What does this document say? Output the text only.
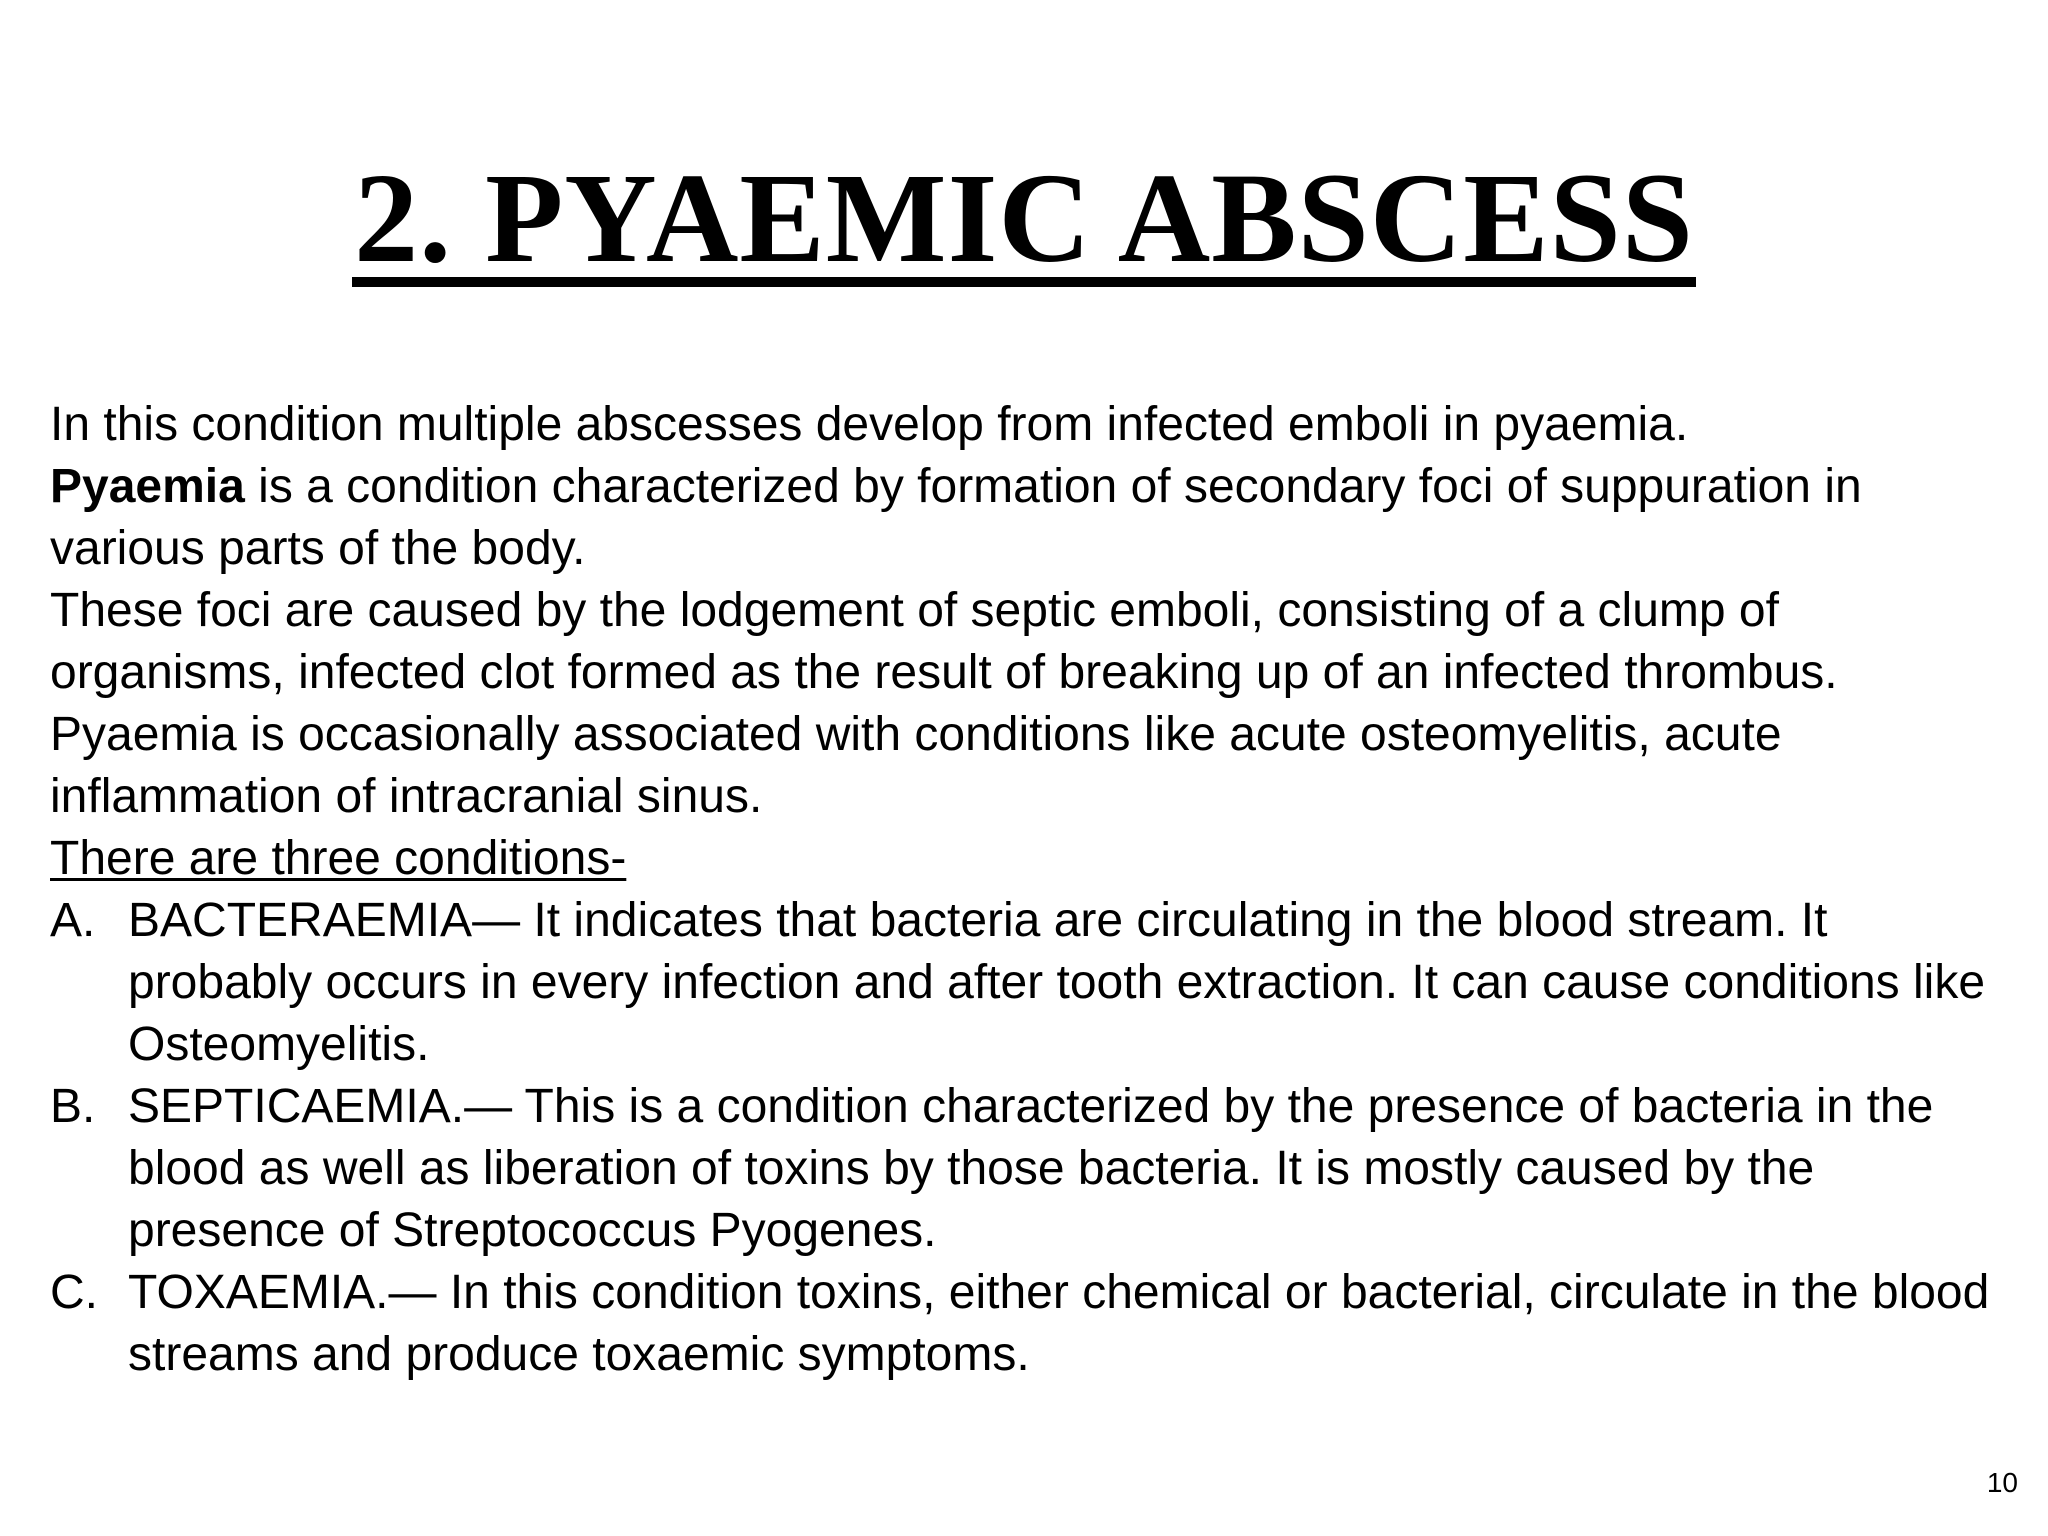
2. PYAEMIC ABSCESS

In this condition multiple abscesses develop from infected emboli in pyaemia.

Pyaemia is a condition characterized by formation of secondary foci of suppuration in various parts of the body.

These foci are caused by the lodgement of septic emboli, consisting of a clump of organisms, infected clot formed as the result of breaking up of an infected thrombus.

Pyaemia is occasionally associated with conditions like acute osteomyelitis, acute inflammation of intracranial sinus.

There are three conditions-

A. BACTERAEMIA— It indicates that bacteria are circulating in the blood stream. It probably occurs in every infection and after tooth extraction. It can cause conditions like Osteomyelitis.
B. SEPTICAEMIA.— This is a condition characterized by the presence of bacteria in the blood as well as liberation of toxins by those bacteria. It is mostly caused by the presence of Streptococcus Pyogenes.
C. TOXAEMIA.— In this condition toxins, either chemical or bacterial, circulate in the blood streams and produce toxaemic symptoms.
10
